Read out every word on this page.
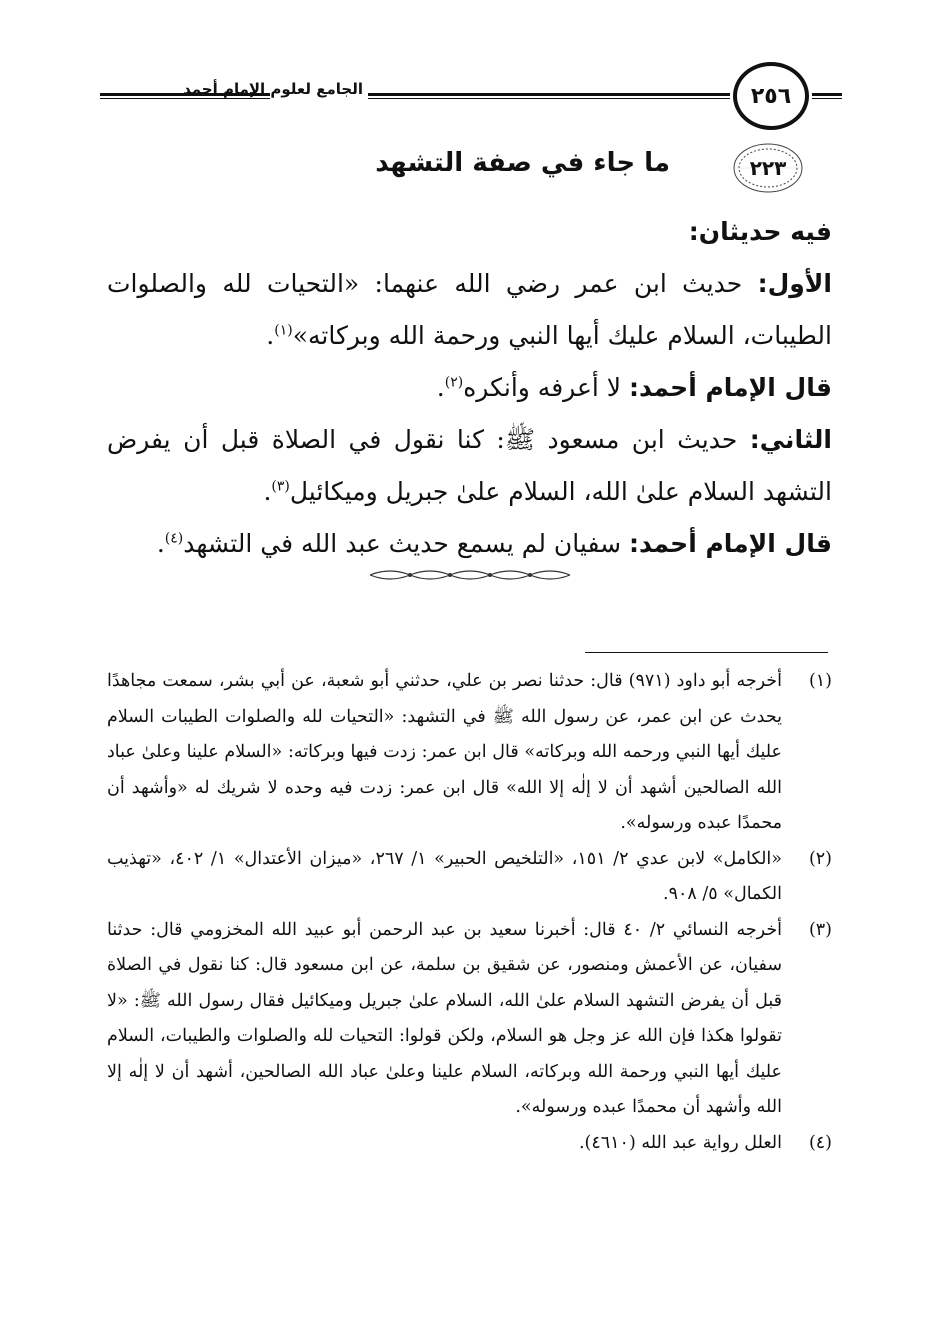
الجامع لعلوم الإمام أحمد	٢٥٦
٢٢٣
ما جاء في صفة التشهد

فيه حديثان:

الأول: حديث ابن عمر رضي الله عنهما: «التحيات لله والصلوات الطيبات، السلام عليك أيها النبي ورحمة الله وبركاته»$^{(١)}$.

قال الإمام أحمد: لا أعرفه وأنكره$^{(٢)}$.

الثاني: حديث ابن مسعود ﷺ: كنا نقول في الصلاة قبل أن يفرض التشهد السلام علىٰ الله، السلام علىٰ جبريل وميكائيل$^{(٣)}$.

قال الإمام أحمد: سفيان لم يسمع حديث عبد الله في التشهد$^{(٤)}$.

(١)
أخرجه أبو داود (٩٧١) قال: حدثنا نصر بن علي، حدثني أبو شعبة، عن أبي بشر، سمعت مجاهدًا يحدث عن ابن عمر، عن رسول الله ﷺ في التشهد: «التحيات لله والصلوات الطيبات السلام عليك أيها النبي ورحمه الله وبركاته» قال ابن عمر: زدت فيها وبركاته: «السلام علينا وعلىٰ عباد الله الصالحين أشهد أن لا إلٰه إلا الله» قال ابن عمر: زدت فيه وحده لا شريك له «وأشهد أن محمدًا عبده ورسوله».
(٢)
«الكامل» لابن عدي ٢/ ١٥١، «التلخيص الحبير» ١/ ٢٦٧، «ميزان الأعتدال» ١/ ٤٠٢، «تهذيب الكمال» ٥/ ٩٠٨.
(٣)
أخرجه النسائي ٢/ ٤٠ قال: أخبرنا سعيد بن عبد الرحمن أبو عبيد الله المخزومي قال: حدثنا سفيان، عن الأعمش ومنصور، عن شقيق بن سلمة، عن ابن مسعود قال: كنا نقول في الصلاة قبل أن يفرض التشهد السلام علىٰ الله، السلام علىٰ جبريل وميكائيل فقال رسول الله ﷺ: «لا تقولوا هكذا فإن الله عز وجل هو السلام، ولكن قولوا: التحيات لله والصلوات والطيبات، السلام عليك أيها النبي ورحمة الله وبركاته، السلام علينا وعلىٰ عباد الله الصالحين، أشهد أن لا إلٰه إلا الله وأشهد أن محمدًا عبده ورسوله».
(٤)
العلل رواية عبد الله (٤٦١٠).
